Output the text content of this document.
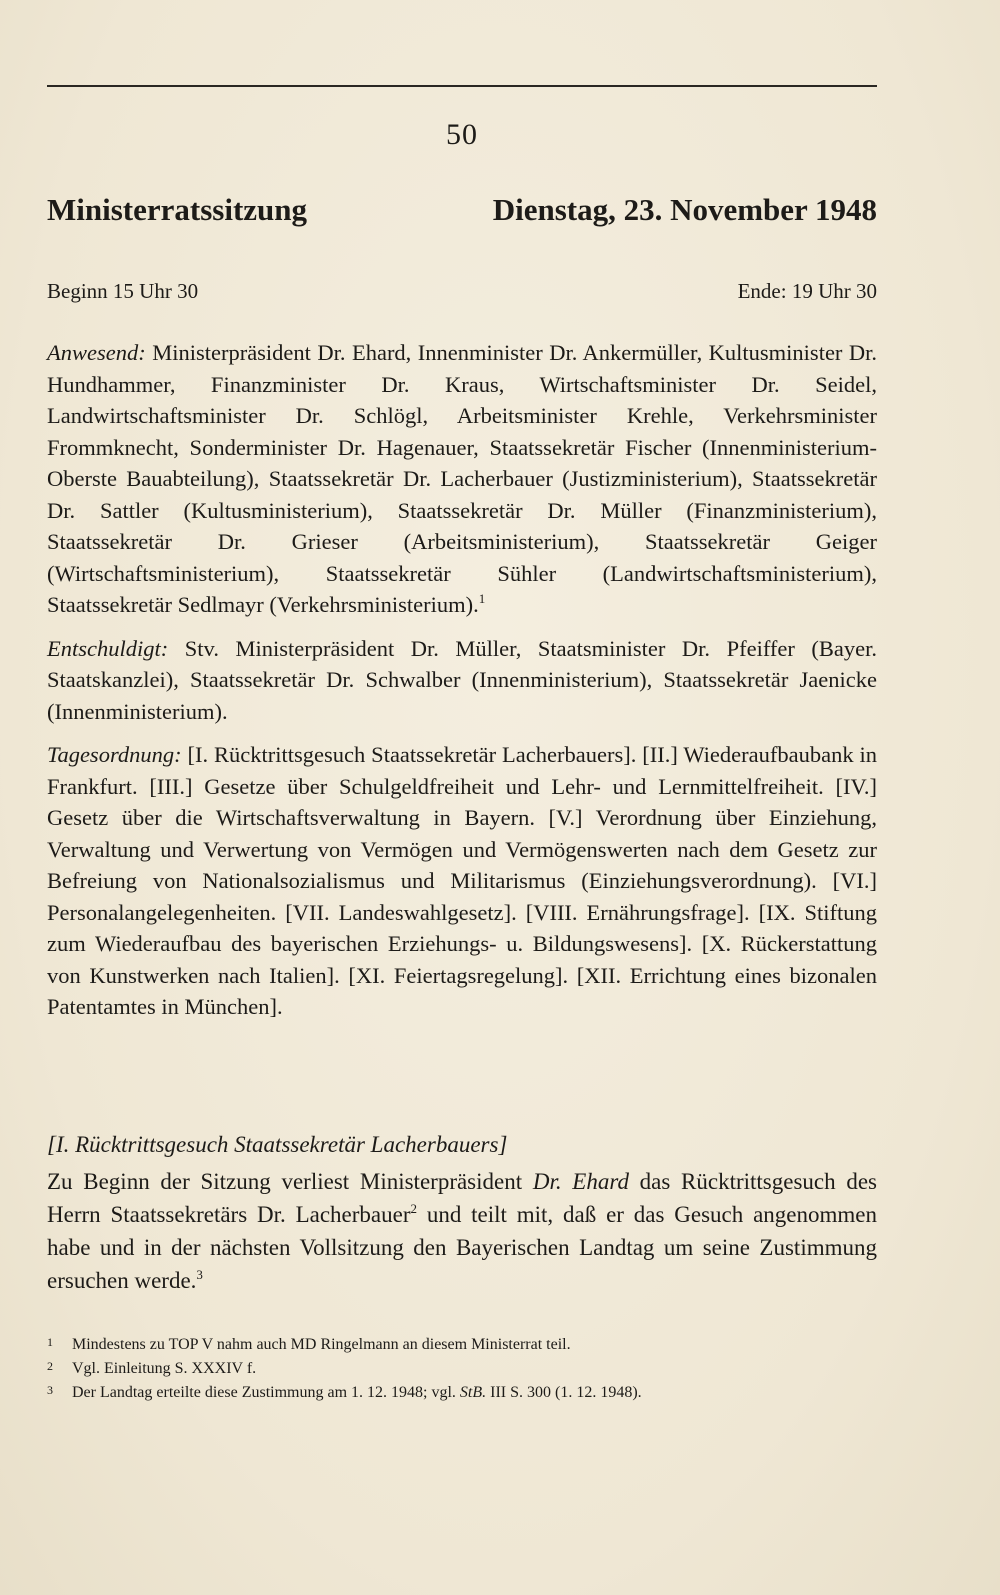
50
Ministerratssitzung	Dienstag, 23. November 1948
Beginn 15 Uhr 30	Ende: 19 Uhr 30

Anwesend: Ministerpräsident Dr. Ehard, Innenminister Dr. Ankermüller, Kultusminister Dr. Hundhammer, Finanzminister Dr. Kraus, Wirtschaftsminister Dr. Seidel, Landwirtschaftsminister Dr. Schlögl, Arbeitsminister Krehle, Verkehrsminister Frommknecht, Sonderminister Dr. Hagenauer, Staatssekretär Fischer (Innenministerium-Oberste Bauabteilung), Staatssekretär Dr. Lacherbauer (Justizministerium), Staatssekretär Dr. Sattler (Kultusministerium), Staatssekretär Dr. Müller (Finanzministerium), Staatssekretär Dr. Grieser (Arbeitsministerium), Staatssekretär Geiger (Wirtschaftsministerium), Staatssekretär Sühler (Landwirtschaftsministerium), Staatssekretär Sedlmayr (Verkehrsministerium).$^1$

Entschuldigt: Stv. Ministerpräsident Dr. Müller, Staatsminister Dr. Pfeiffer (Bayer. Staatskanzlei), Staatssekretär Dr. Schwalber (Innenministerium), Staatssekretär Jaenicke (Innenministerium).

Tagesordnung: [I. Rücktrittsgesuch Staatssekretär Lacherbauers]. [II.] Wiederaufbaubank in Frankfurt. [III.] Gesetze über Schulgeldfreiheit und Lehr- und Lernmittelfreiheit. [IV.] Gesetz über die Wirtschaftsverwaltung in Bayern. [V.] Verordnung über Einziehung, Verwaltung und Verwertung von Vermögen und Vermögenswerten nach dem Gesetz zur Befreiung von Nationalsozialismus und Militarismus (Einziehungsverordnung). [VI.] Personalangelegenheiten. [VII. Landeswahlgesetz]. [VIII. Ernährungsfrage]. [IX. Stiftung zum Wiederaufbau des bayerischen Erziehungs- u. Bildungswesens]. [X. Rückerstattung von Kunstwerken nach Italien]. [XI. Feiertagsregelung]. [XII. Errichtung eines bizonalen Patentamtes in München].

[I. Rücktrittsgesuch Staatssekretär Lacherbauers]

Zu Beginn der Sitzung verliest Ministerpräsident Dr. Ehard das Rücktrittsgesuch des Herrn Staatssekretärs Dr. Lacherbauer$^2$ und teilt mit, daß er das Gesuch angenommen habe und in der nächsten Vollsitzung den Bayerischen Landtag um seine Zustimmung ersuchen werde.$^3$

1	Mindestens zu TOP V nahm auch MD Ringelmann an diesem Ministerrat teil.
2	Vgl. Einleitung S. XXXIV f.
3	Der Landtag erteilte diese Zustimmung am 1. 12. 1948; vgl. StB. III S. 300 (1. 12. 1948).
